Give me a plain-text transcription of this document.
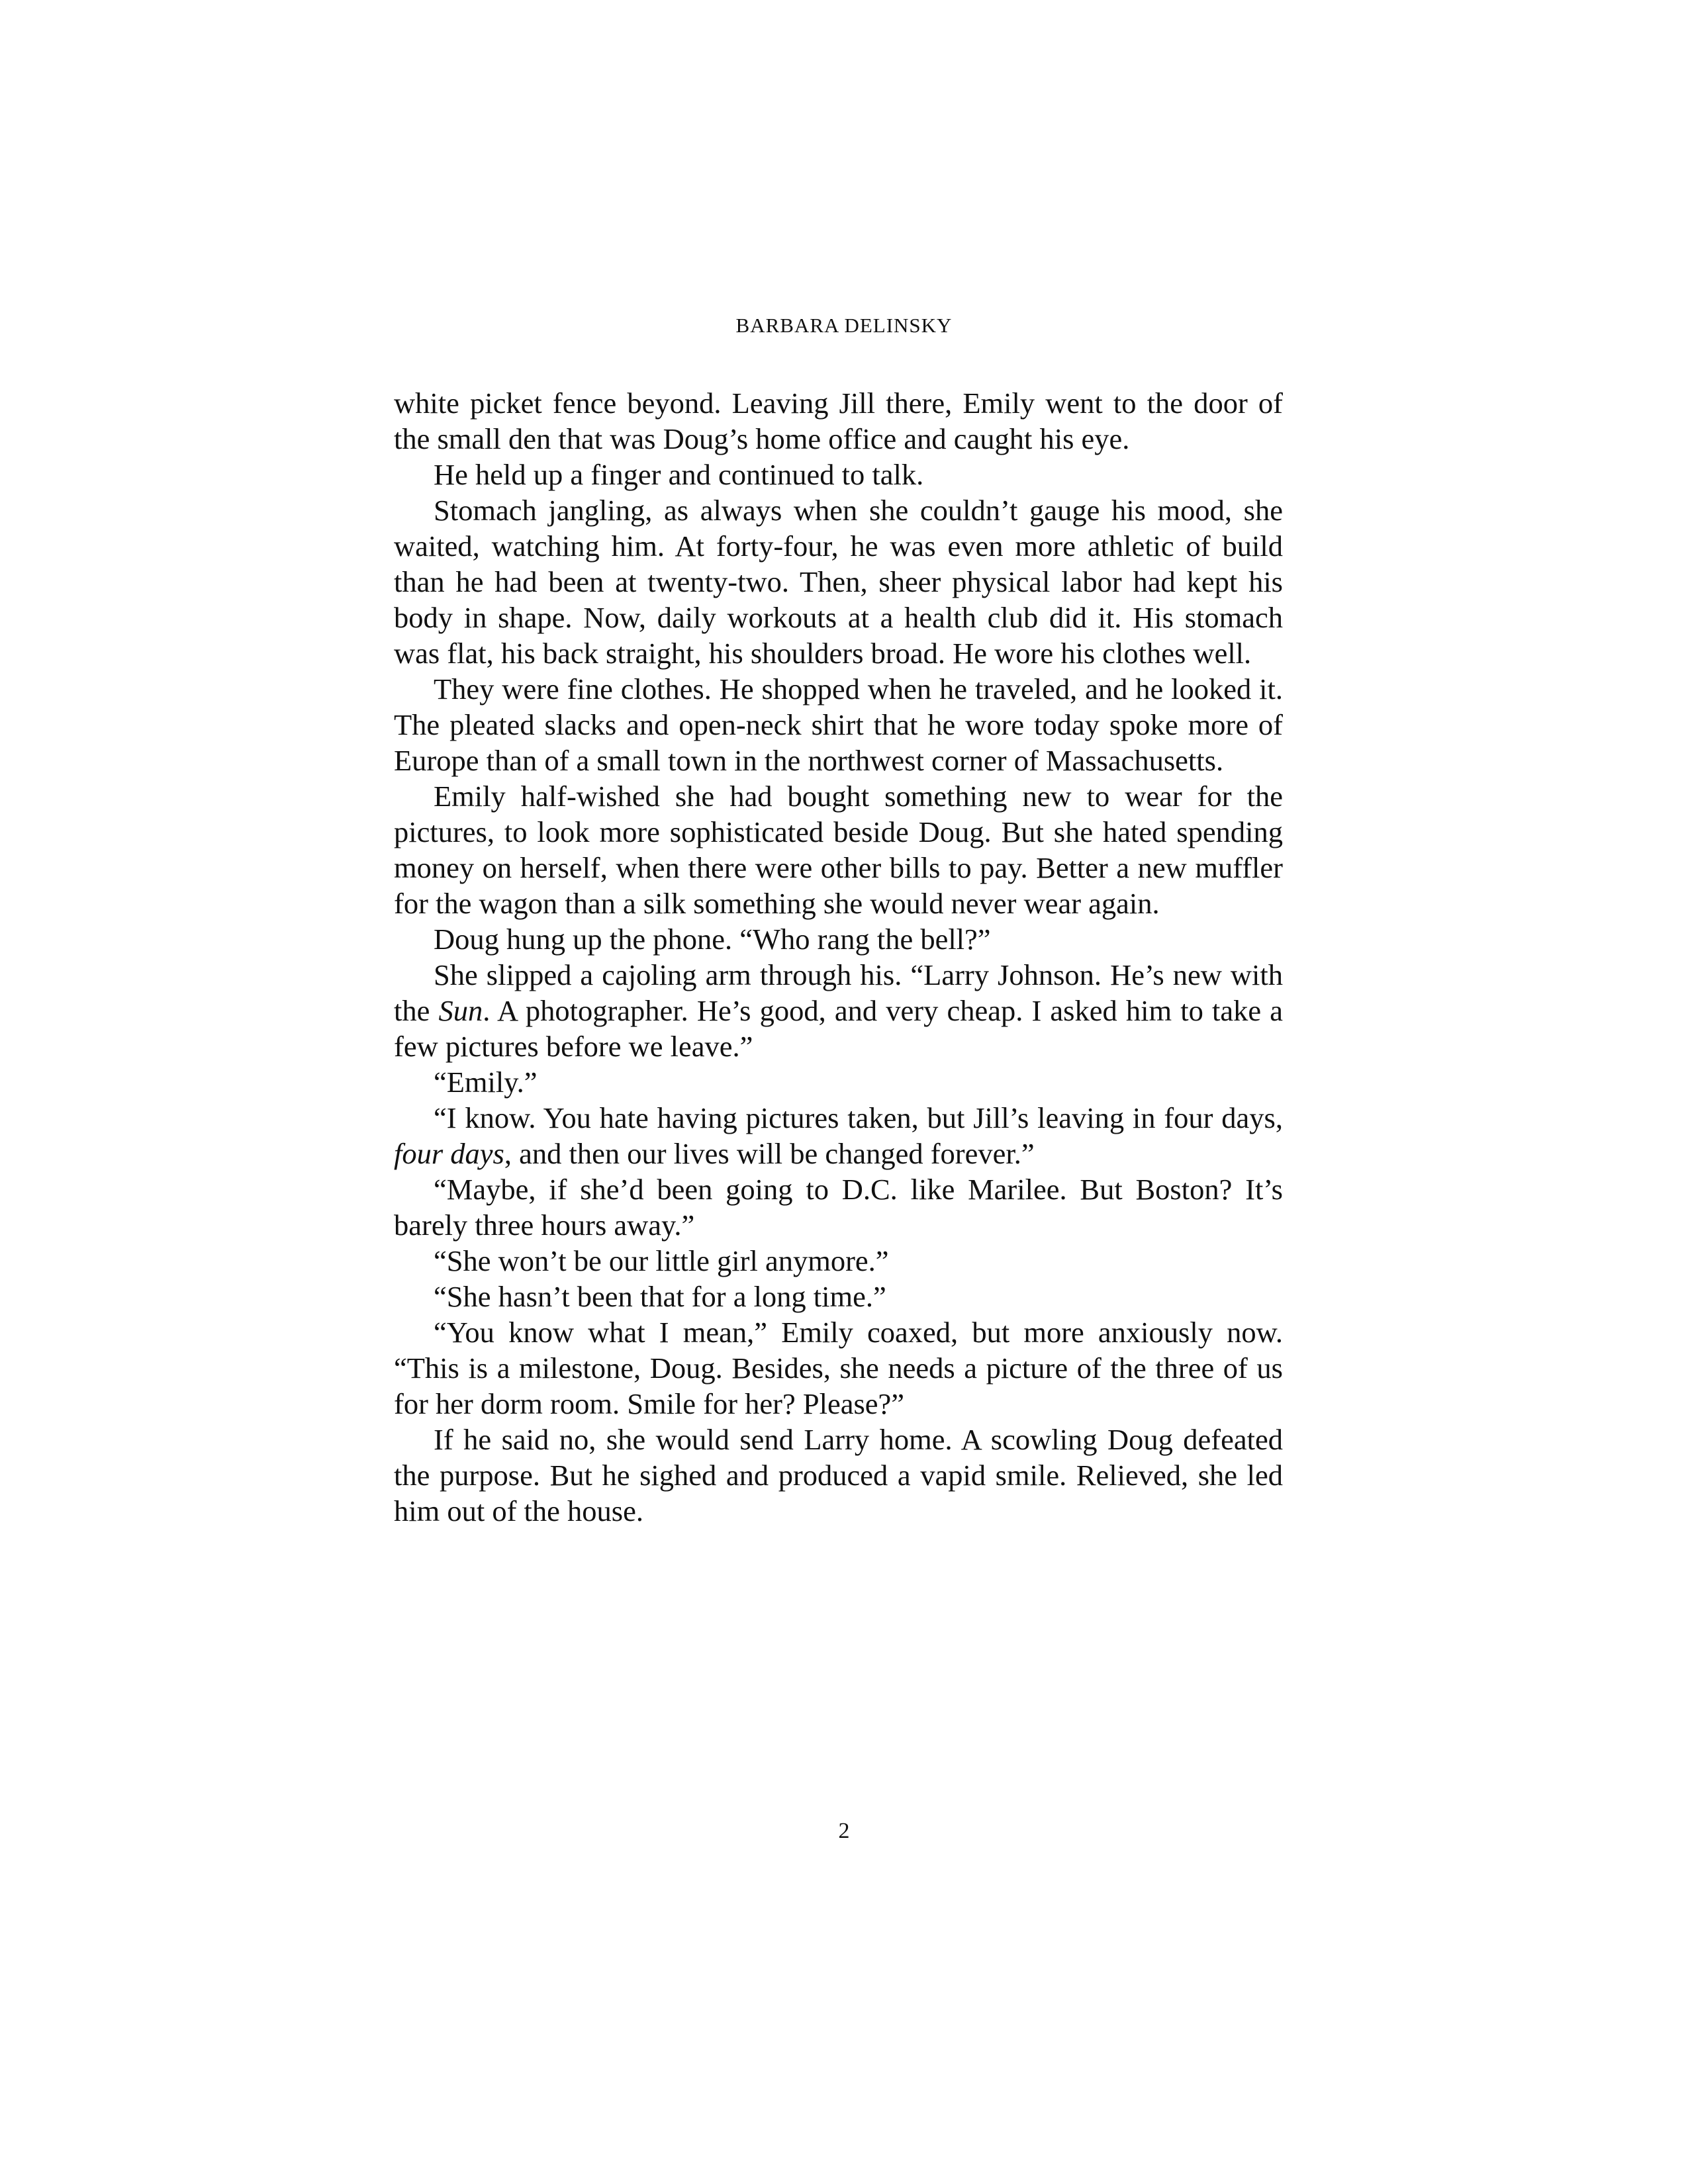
BARBARA DELINSKY

white picket fence beyond. Leaving Jill there, Emily went to the door of the small den that was Doug’s home office and caught his eye.

He held up a finger and continued to talk.

Stomach jangling, as always when she couldn’t gauge his mood, she waited, watching him. At forty-four, he was even more athletic of build than he had been at twenty-two. Then, sheer physical labor had kept his body in shape. Now, daily workouts at a health club did it. His stomach was flat, his back straight, his shoulders broad. He wore his clothes well.

They were fine clothes. He shopped when he traveled, and he looked it. The pleated slacks and open-neck shirt that he wore today spoke more of Europe than of a small town in the northwest corner of Massachusetts.

Emily half-wished she had bought something new to wear for the pictures, to look more sophisticated beside Doug. But she hated spending money on herself, when there were other bills to pay. Better a new muffler for the wagon than a silk something she would never wear again.

Doug hung up the phone. “Who rang the bell?”

She slipped a cajoling arm through his. “Larry Johnson. He’s new with the Sun. A photographer. He’s good, and very cheap. I asked him to take a few pictures before we leave.”

“Emily.”

“I know. You hate having pictures taken, but Jill’s leaving in four days, four days, and then our lives will be changed forever.”

“Maybe, if she’d been going to D.C. like Marilee. But Boston? It’s barely three hours away.”

“She won’t be our little girl anymore.”

“She hasn’t been that for a long time.”

“You know what I mean,” Emily coaxed, but more anxiously now. “This is a milestone, Doug. Besides, she needs a picture of the three of us for her dorm room. Smile for her? Please?”

If he said no, she would send Larry home. A scowling Doug defeated the purpose. But he sighed and produced a vapid smile. Relieved, she led him out of the house.

2
